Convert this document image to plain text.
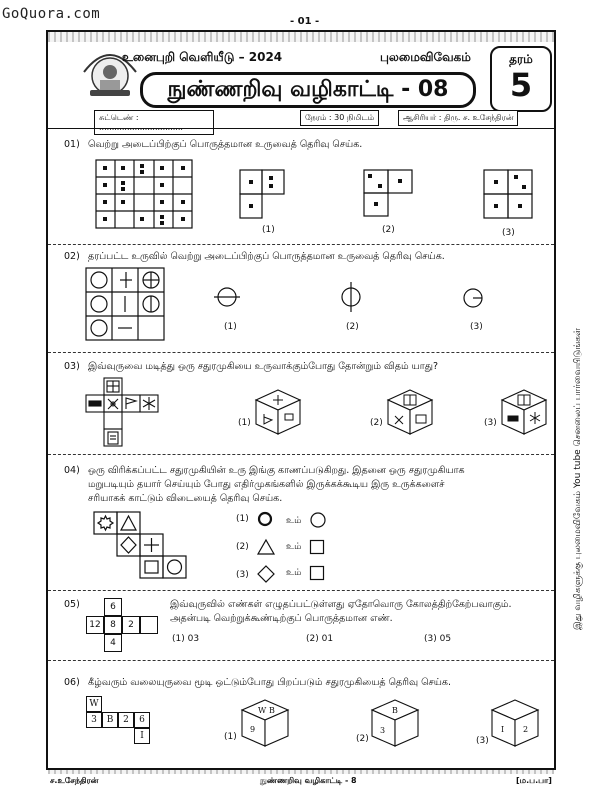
GoQuora.com	- 01 -
உனைபுறி வெளியீடு – 2024	புலமைவிவேகம்
நுண்ணறிவு வழிகாட்டி - 08
தரம்
5
சுட்டெண் : .................................
நேரம் : 30 நிமிடம்	ஆசிரியர் : திரு. ச. உசேந்திரன்
இது வழிகளுக்கு புலமைவிவேகம் You tube செனலைப் பார்வையிடுங்கள்
01) வெற்று அடைப்பிற்குப் பொருத்தமான உருவைத் தெரிவு செய்க.
(1)	(2)	(3)
02) தரப்பட்ட உருவில் வெற்று அடைப்பிற்குப் பொருத்தமான உருவைத் தெரிவு செய்க.
(1)	(2)	(3)
03) இவ்வுருவை மடித்து ஒரு சதுரமுகியை உருவாக்கும்போது தோன்றும் விதம் யாது?
(1)	(2)	(3)
04) ஒரு விரிக்கப்பட்ட சதுரமுகியின் உரு இங்கு காணப்படுகிறது. இதனை ஒரு சதுரமுகியாக
மறுபடியும் தயார் செய்யும் போது எதிர்முகங்களில் இருக்கக்கூடிய இரு உருக்களைச்
சரியாகக் காட்டும் விடையைத் தெரிவு செய்க.
(1)	உம்
(2)	உம்
(3)	உம்
05)	6
12	8	2
4
இவ்வுருவில் எண்கள் எழுதப்பட்டுள்ளது ஏதோவொரு கோலத்திற்கேற்பவாகும்.
அதன்படி வெற்றுக்கூண்டிற்குப் பொருத்தமான எண்.
(1) 03	(2) 01	(3) 05
06) கீழ்வரும் வலையுருவை மூடி ஒட்டும்போது பிறப்படும் சதுரமுகியைத் தெரிவு செய்க.
W
3	B	2	6
I
W B
9
(1)
B
3
(2)
I 2
(3)
ச.உசேந்திரன்	நுண்ணறிவு வழிகாட்டி - 8	[ம.ப.பா]
